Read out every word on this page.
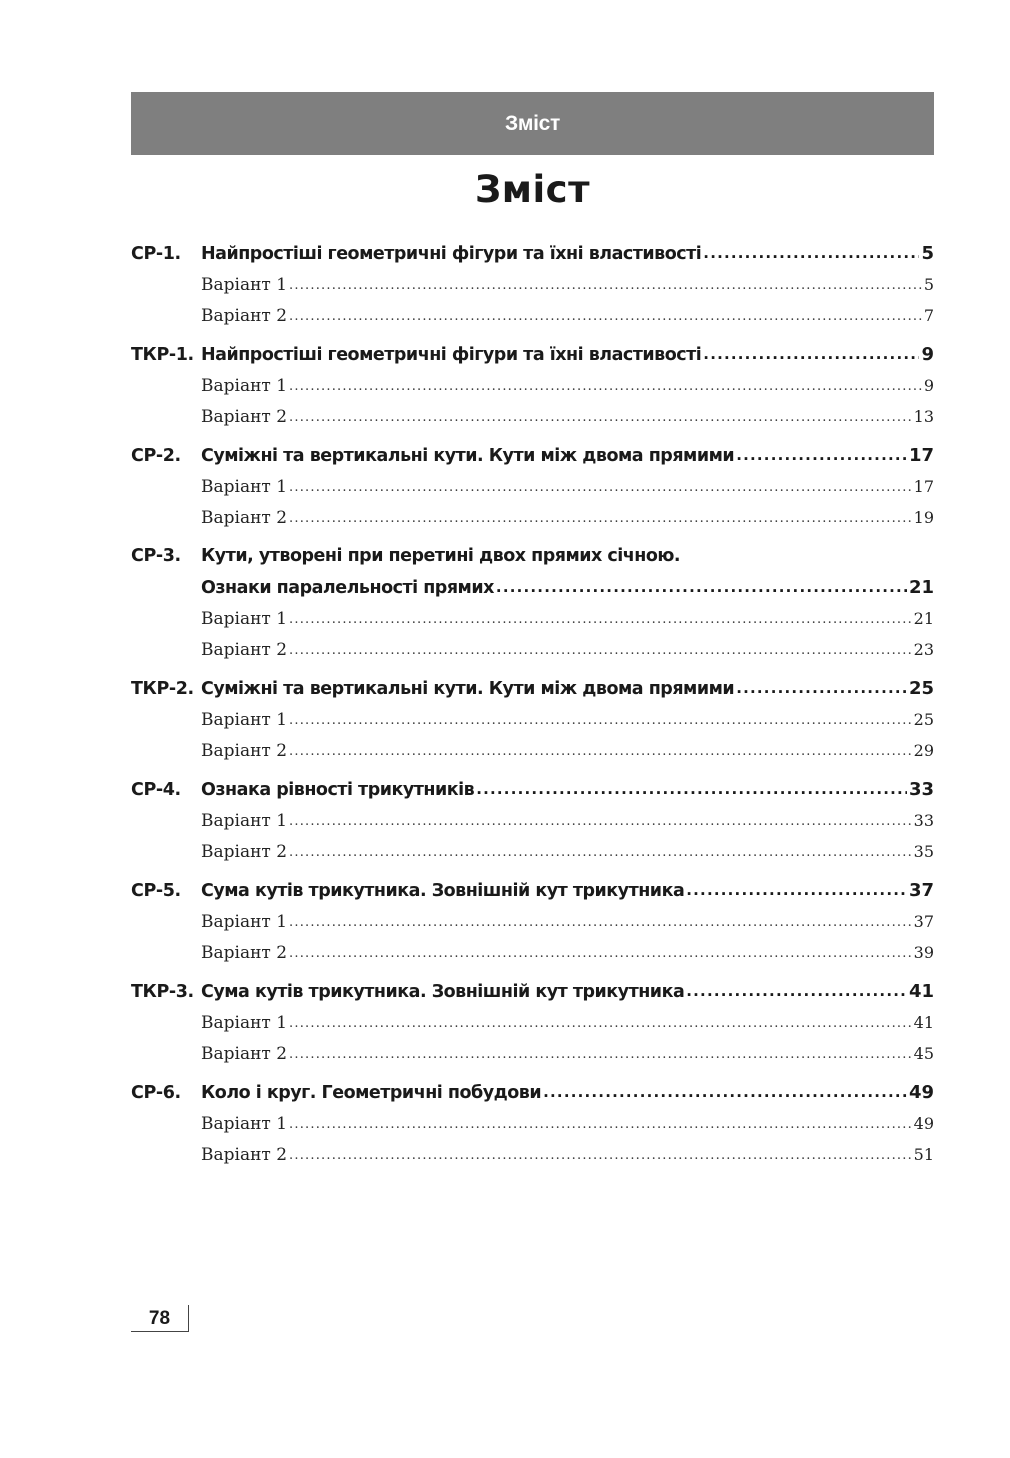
Зміст
Зміст
СР-1.	Найпростіші геометричні фігури та їхні властивості .....	5
Варіант 1 .....	5
Варіант 2 .....	7
ТКР-1. Найпростіші геометричні фігури та їхні властивості .....	9
Варіант 1 .....	9
Варіант 2 .....	13
СР-2.	Суміжні та вертикальні кути. Кути між двома прямими .....	17
Варіант 1 .....	17
Варіант 2 .....	19
СР-3.	Кути, утворені при перетині двох прямих січною.
Ознаки паралельності прямих .....	21
Варіант 1 .....	21
Варіант 2 .....	23
ТКР-2. Суміжні та вертикальні кути. Кути між двома прямими .....	25
Варіант 1 .....	25
Варіант 2 .....	29
СР-4.	Ознака рівності трикутників .....	33
Варіант 1 .....	33
Варіант 2 .....	35
СР-5.	Сума кутів трикутника. Зовнішній кут трикутника .....	37
Варіант 1 .....	37
Варіант 2 .....	39
ТКР-3. Сума кутів трикутника. Зовнішній кут трикутника .....	41
Варіант 1 .....	41
Варіант 2 .....	45
СР-6.	Коло і круг. Геометричні побудови .....	49
Варіант 1 .....	49
Варіант 2 .....	51
78
